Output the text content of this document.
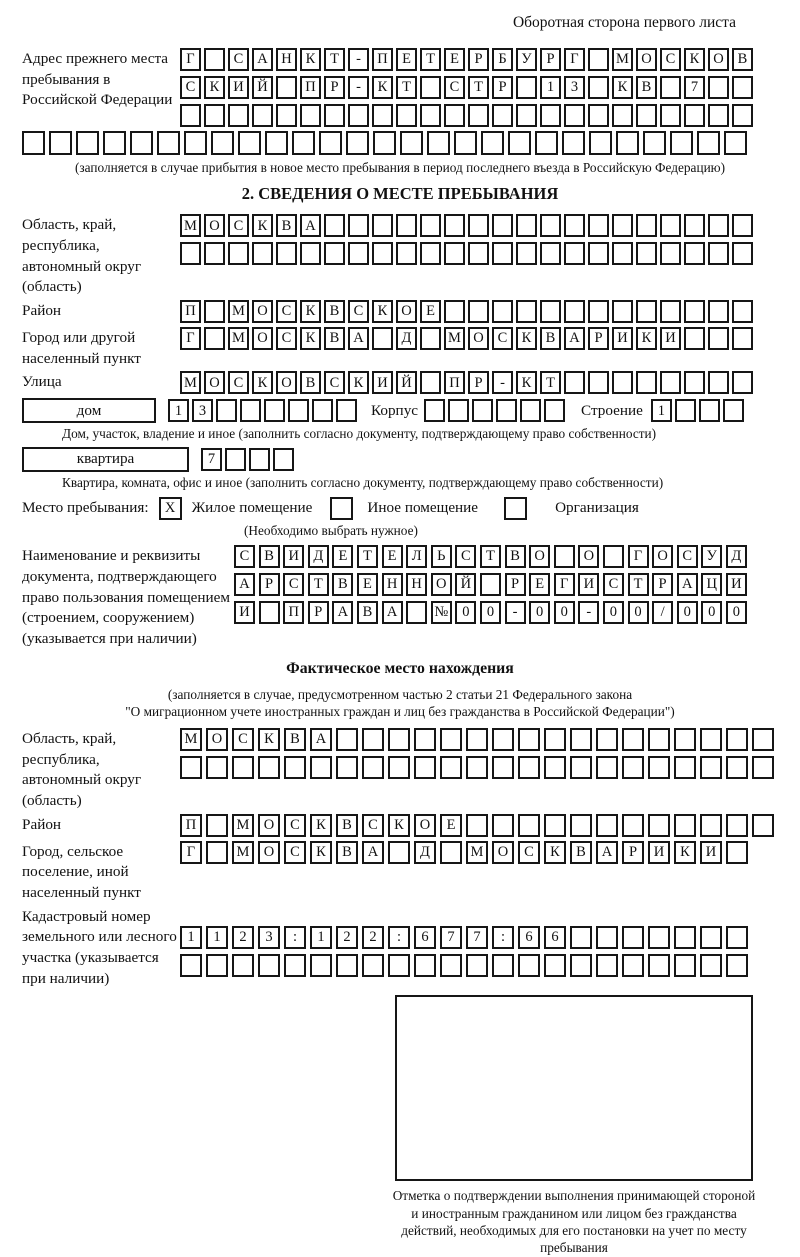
Оборотная сторона первого листа
Адрес прежнего места пребывания в Российской Федерации
Г	С А Н К	Т	-	П Е	Т	Е	Р	Б	У	Р	Г	М О С К О В
С К И Й	П	Р	-	К	Т	С	Т	Р	1	3	К В	7
(заполняется в случае прибытия в новое место пребывания в период последнего въезда в Российскую Федерацию)
2. СВЕДЕНИЯ О МЕСТЕ ПРЕБЫВАНИЯ
Область, край, республика, автономный округ (область)
М О С К В А
Район	П	М О С К В С К О Е
Город или другой населенный пункт
Г	М О С К В А	Д	М О С К В А	Р	И К И
Улица	М О С К О В С К И Й	П	Р	-	К	Т
дом	1	3	Корпус	Строение	1
Дом, участок, владение и иное (заполнить согласно документу, подтверждающему право собственности)
квартира	7
Квартира, комната, офис и иное (заполнить согласно документу, подтверждающему право собственности)
Место пребывания:	X	Жилое помещение	Иное помещение	Организация
(Необходимо выбрать нужное)
Наименование и реквизиты документа, подтверждающего право пользования помещением (строением, сооружением) (указывается при наличии)
С	В	И Д	Е	Т	Е	Л	Ь	С	Т	В	О	О	Г	О	С	У	Д
А	Р	С	Т	В	Е	Н Н О Й	Р	Е	Г	И	С	Т	Р	А Ц И
И	П	Р	А	В	А	№ 0	0	-	0	0	-	0	0	/	0	0	0
Фактическое место нахождения
(заполняется в случае, предусмотренном частью 2 статьи 21 Федерального закона
"О миграционном учете иностранных граждан и лиц без гражданства в Российской Федерации")
Область, край, республика, автономный округ (область)
М О	С	К	В	А
Район	П	М О	С	К	В	С	К	О	Е
Город, сельское поселение, иной населенный пункт
Г	М О	С	К	В	А	Д	М О	С	К	В	А	Р	И	К	И
Кадастровый номер земельного или лесного участка (указывается при наличии)
1	1	2	3	:	1	2	2	:	6	7	7	:	6	6
Отметка о подтверждении выполнения принимающей стороной и иностранным гражданином или лицом без гражданства действий, необходимых для его постановки на учет по месту пребывания
